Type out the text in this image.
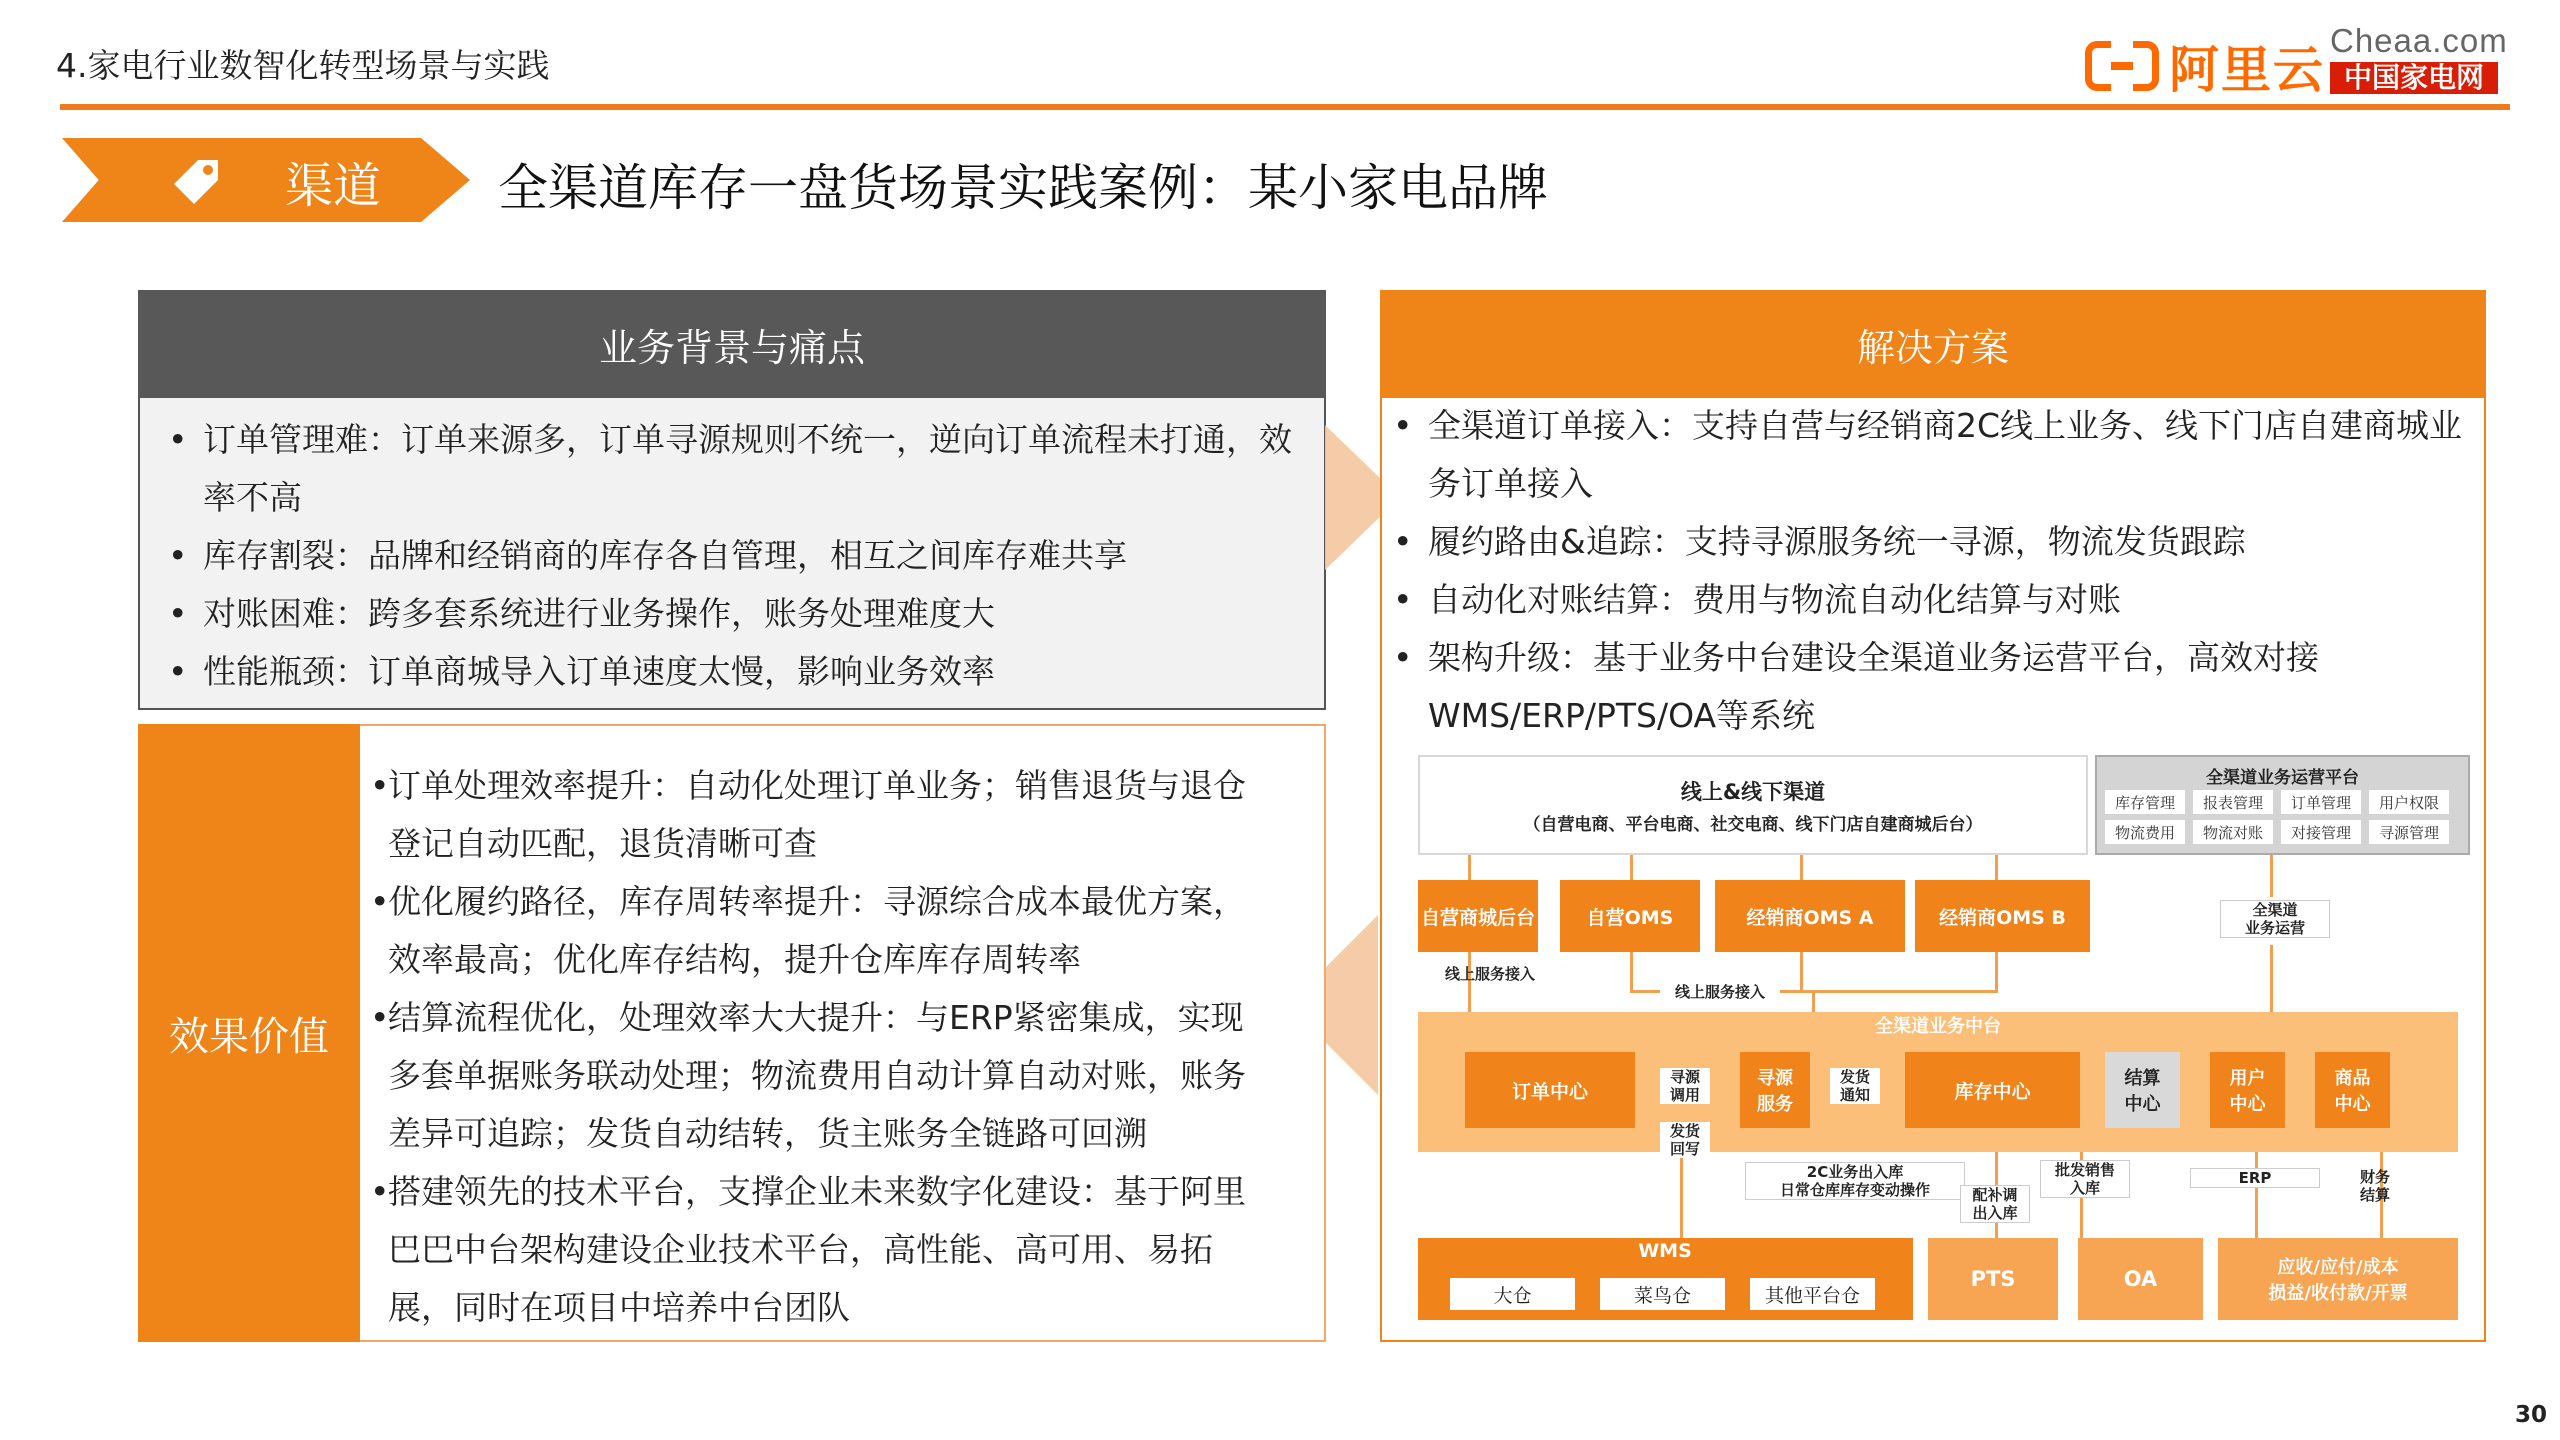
4.家电行业数智化转型场景与实践	阿里云
Cheaa.com
中国家电网
渠道 全渠道库存一盘货场景实践案例：某小家电品牌
业务背景与痛点
• 订单管理难：订单来源多，订单寻源规则不统一，逆向订单流程未打通，效率不高
• 库存割裂：品牌和经销商的库存各自管理，相互之间库存难共享
• 对账困难：跨多套系统进行业务操作，账务处理难度大
• 性能瓶颈：订单商城导入订单速度太慢，影响业务效率
效果价值
• 订单处理效率提升：自动化处理订单业务；销售退货与退仓登记自动匹配，退货清晰可查
• 优化履约路径，库存周转率提升：寻源综合成本最优方案，效率最高；优化库存结构，提升仓库库存周转率
• 结算流程优化，处理效率大大提升：与ERP紧密集成，实现多套单据账务联动处理；物流费用自动计算自动对账，账务差异可追踪；发货自动结转，货主账务全链路可回溯
• 搭建领先的技术平台，支撑企业未来数字化建设：基于阿里巴巴中台架构建设企业技术平台，高性能、高可用、易拓展，同时在项目中培养中台团队
解决方案
• 全渠道订单接入：支持自营与经销商2C线上业务、线下门店自建商城业务订单接入
• 履约路由&追踪：支持寻源服务统一寻源，物流发货跟踪
• 自动化对账结算：费用与物流自动化结算与对账
• 架构升级：基于业务中台建设全渠道业务运营平台，高效对接WMS/ERP/PTS/OA等系统
线上&线下渠道
（自营电商、平台电商、社交电商、线下门店自建商城后台）
全渠道业务运营平台
库存管理	报表管理	订单管理	用户权限
物流费用	物流对账	对接管理	寻源管理
自营商城后台	自营OMS	经销商OMS A	经销商OMS B	全渠道
业务运营
线上服务接入
线上服务接入
全渠道业务中台
订单中心
寻源
调用
寻源
服务
发货
通知	库存中心
结算
中心
用户
中心
商品
中心
发货
回写
2C业务出入库
日常仓库库存变动操作	配补调
出入库
批发销售
入库
ERP	财务
结算
WMS
大仓	菜鸟仓	其他平台仓
PTS	OA	应收/应付/成本
损益/收付款/开票
30
